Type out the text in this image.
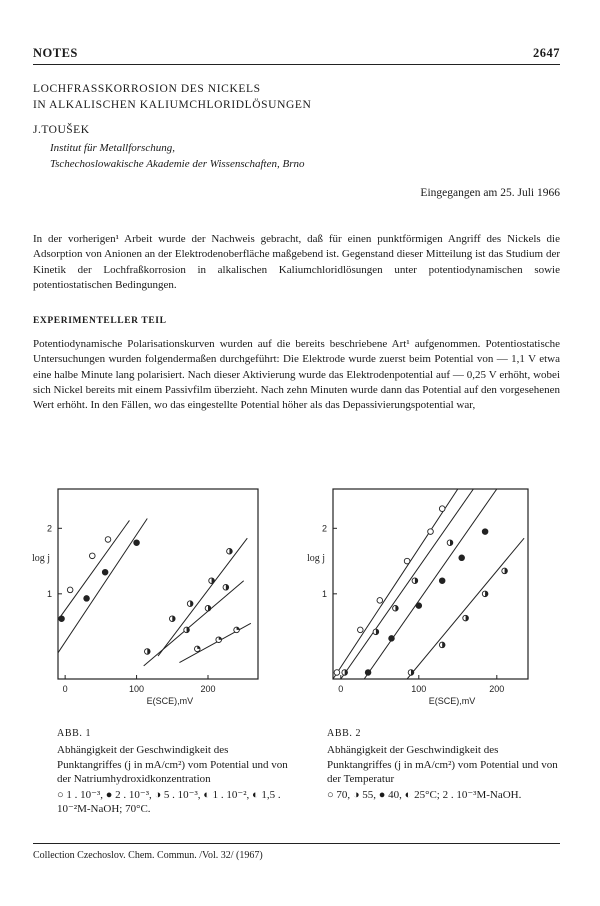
NOTES	2647
LOCHFRASSKORROSION DES NICKELS
IN ALKALISCHEN KALIUMCHLORIDLÖSUNGEN
J.TOUŠEK
Institut für Metallforschung,
Tschechoslowakische Akademie der Wissenschaften, Brno
Eingegangen am 25. Juli 1966
In der vorherigen¹ Arbeit wurde der Nachweis gebracht, daß für einen punktförmigen Angriff des Nickels die Adsorption von Anionen an der Elektrodenoberfläche maßgebend ist. Gegenstand dieser Mitteilung ist das Studium der Kinetik der Lochfraßkorrosion in alkalischen Kaliumchloridlösungen unter potentiodynamischen sowie potentiostatischen Bedingungen.
EXPERIMENTELLER TEIL
Potentiodynamische Polarisationskurven wurden auf die bereits beschriebene Art¹ aufgenommen. Potentiostatische Untersuchungen wurden folgendermaßen durchgeführt: Die Elektrode wurde zuerst beim Potential von — 1,1 V etwa eine halbe Minute lang polarisiert. Nach dieser Aktivierung wurde das Elektrodenpotential auf — 0,25 V erhöht, wobei sich Nickel bereits mit einem Passivfilm überzieht. Nach zehn Minuten wurde dann das Potential auf den vorgesehenen Wert erhöht. In den Fällen, wo das eingestellte Potential höher als das Depassivierungspotential war,
1
2
log j
0	100	200
E(SCE),mV
1
2
log j
0	100	200
E(SCE),mV
ABB. 1
Abhängigkeit der Geschwindigkeit des Punktangriffes (j in mA/cm²) vom Potential und von der Natriumhydroxidkonzentration
○ 1 . 10⁻³, ● 2 . 10⁻³, ◑ 5 . 10⁻³, ◐ 1 . 10⁻², ◐ 1,5 . 10⁻²M-NaOH; 70°C.
ABB. 2
Abhängigkeit der Geschwindigkeit des Punktangriffes (j in mA/cm²) vom Potential und von der Temperatur
○ 70, ◑ 55, ● 40, ◐ 25°C; 2 . 10⁻³M-NaOH.
Collection Czechoslov. Chem. Commun. /Vol. 32/ (1967)
